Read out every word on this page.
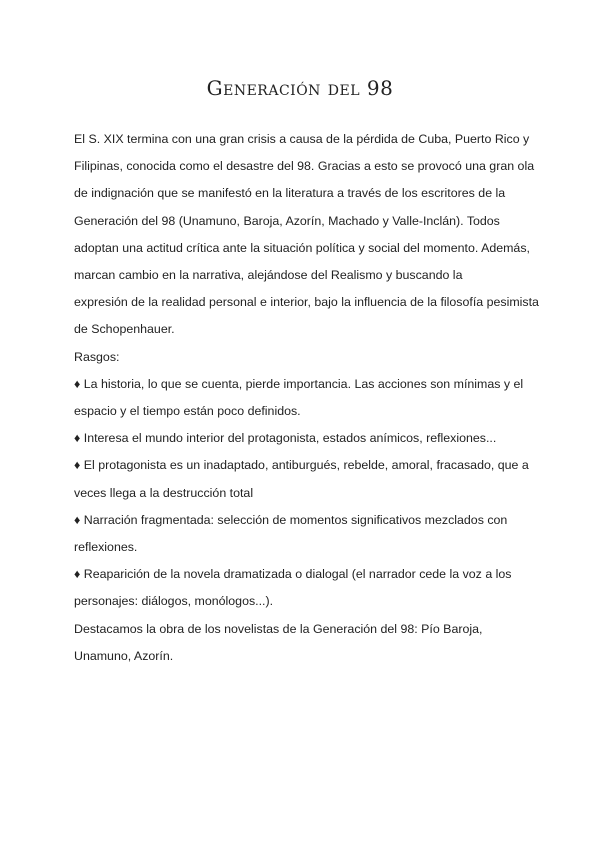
Generación del 98

El S. XIX termina con una gran crisis a causa de la pérdida de Cuba, Puerto Rico y
Filipinas, conocida como el desastre del 98. Gracias a esto se provocó una gran ola
de indignación que se manifestó en la literatura a través de los escritores de la
Generación del 98 (Unamuno, Baroja, Azorín, Machado y Valle-Inclán). Todos
adoptan una actitud crítica ante la situación política y social del momento. Además,
marcan cambio en la narrativa, alejándose del Realismo y buscando la
expresión de la realidad personal e interior, bajo la influencia de la filosofía pesimista
de Schopenhauer.

Rasgos:

♦ La historia, lo que se cuenta, pierde importancia. Las acciones son mínimas y el
espacio y el tiempo están poco definidos.

♦ Interesa el mundo interior del protagonista, estados anímicos, reflexiones...

♦ El protagonista es un inadaptado, antiburgués, rebelde, amoral, fracasado, que a
veces llega a la destrucción total

♦ Narración fragmentada: selección de momentos significativos mezclados con
reflexiones.

♦ Reaparición de la novela dramatizada o dialogal (el narrador cede la voz a los
personajes: diálogos, monólogos...).

Destacamos la obra de los novelistas de la Generación del 98: Pío Baroja,
Unamuno, Azorín.
